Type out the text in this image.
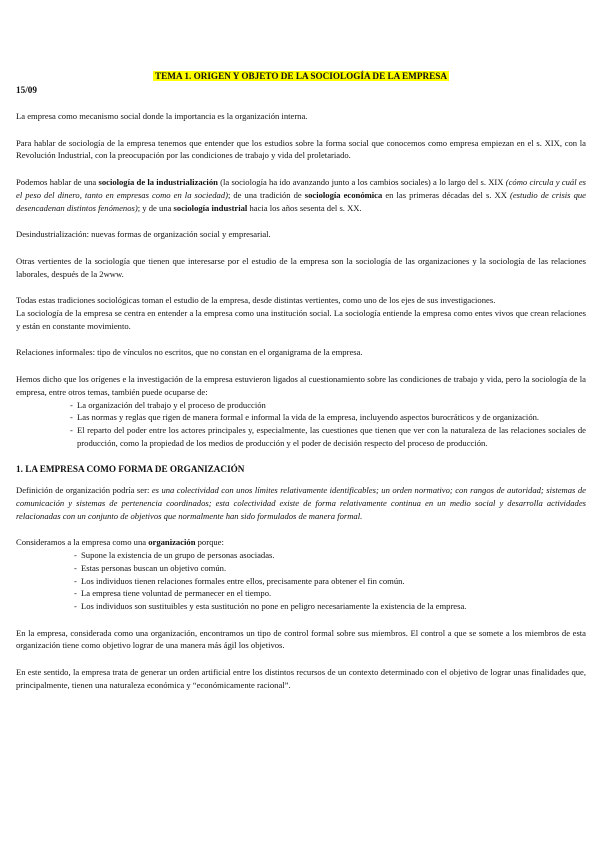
TEMA 1. ORIGEN Y OBJETO DE LA SOCIOLOGÍA DE LA EMPRESA
15/09

La empresa como mecanismo social donde la importancia es la organización interna.

Para hablar de sociología de la empresa tenemos que entender que los estudios sobre la forma social que conocemos como empresa empiezan en el s. XIX, con la Revolución Industrial, con la preocupación por las condiciones de trabajo y vida del proletariado.

Podemos hablar de una sociología de la industrialización (la sociología ha ido avanzando junto a los cambios sociales) a lo largo del s. XIX (cómo circula y cuál es el peso del dinero, tanto en empresas como en la sociedad); de una tradición de sociología económica en las primeras décadas del s. XX (estudio de crisis que desencadenan distintos fenómenos); y de una sociología industrial hacia los años sesenta del s. XX.

Desindustrialización: nuevas formas de organización social y empresarial.

Otras vertientes de la sociología que tienen que interesarse por el estudio de la empresa son la sociología de las organizaciones y la sociología de las relaciones laborales, después de la 2www.

Todas estas tradiciones sociológicas toman el estudio de la empresa, desde distintas vertientes, como uno de los ejes de sus investigaciones.

La sociología de la empresa se centra en entender a la empresa como una institución social. La sociología entiende la empresa como entes vivos que crean relaciones y están en constante movimiento.

Relaciones informales: tipo de vínculos no escritos, que no constan en el organigrama de la empresa.

Hemos dicho que los orígenes e la investigación de la empresa estuvieron ligados al cuestionamiento sobre las condiciones de trabajo y vida, pero la sociología de la empresa, entre otros temas, también puede ocuparse de:

- La organización del trabajo y el proceso de producción
- Las normas y reglas que rigen de manera formal e informal la vida de la empresa, incluyendo aspectos burocráticos y de organización.
- El reparto del poder entre los actores principales y, especialmente, las cuestiones que tienen que ver con la naturaleza de las relaciones sociales de producción, como la propiedad de los medios de producción y el poder de decisión respecto del proceso de producción.
1. LA EMPRESA COMO FORMA DE ORGANIZACIÓN

Definición de organización podría ser: es una colectividad con unos límites relativamente identificables; un orden normativo; con rangos de autoridad; sistemas de comunicación y sistemas de pertenencia coordinados; esta colectividad existe de forma relativamente continua en un medio social y desarrolla actividades relacionadas con un conjunto de objetivos que normalmente han sido formulados de manera formal.

Consideramos a la empresa como una organización porque:

- Supone la existencia de un grupo de personas asociadas.
- Estas personas buscan un objetivo común.
- Los individuos tienen relaciones formales entre ellos, precisamente para obtener el fin común.
- La empresa tiene voluntad de permanecer en el tiempo.
- Los individuos son sustituibles y esta sustitución no pone en peligro necesariamente la existencia de la empresa.

En la empresa, considerada como una organización, encontramos un tipo de control formal sobre sus miembros. El control a que se somete a los miembros de esta organización tiene como objetivo lograr de una manera más ágil los objetivos.

En este sentido, la empresa trata de generar un orden artificial entre los distintos recursos de un contexto determinado con el objetivo de lograr unas finalidades que, principalmente, tienen una naturaleza económica y “económicamente racional”.
